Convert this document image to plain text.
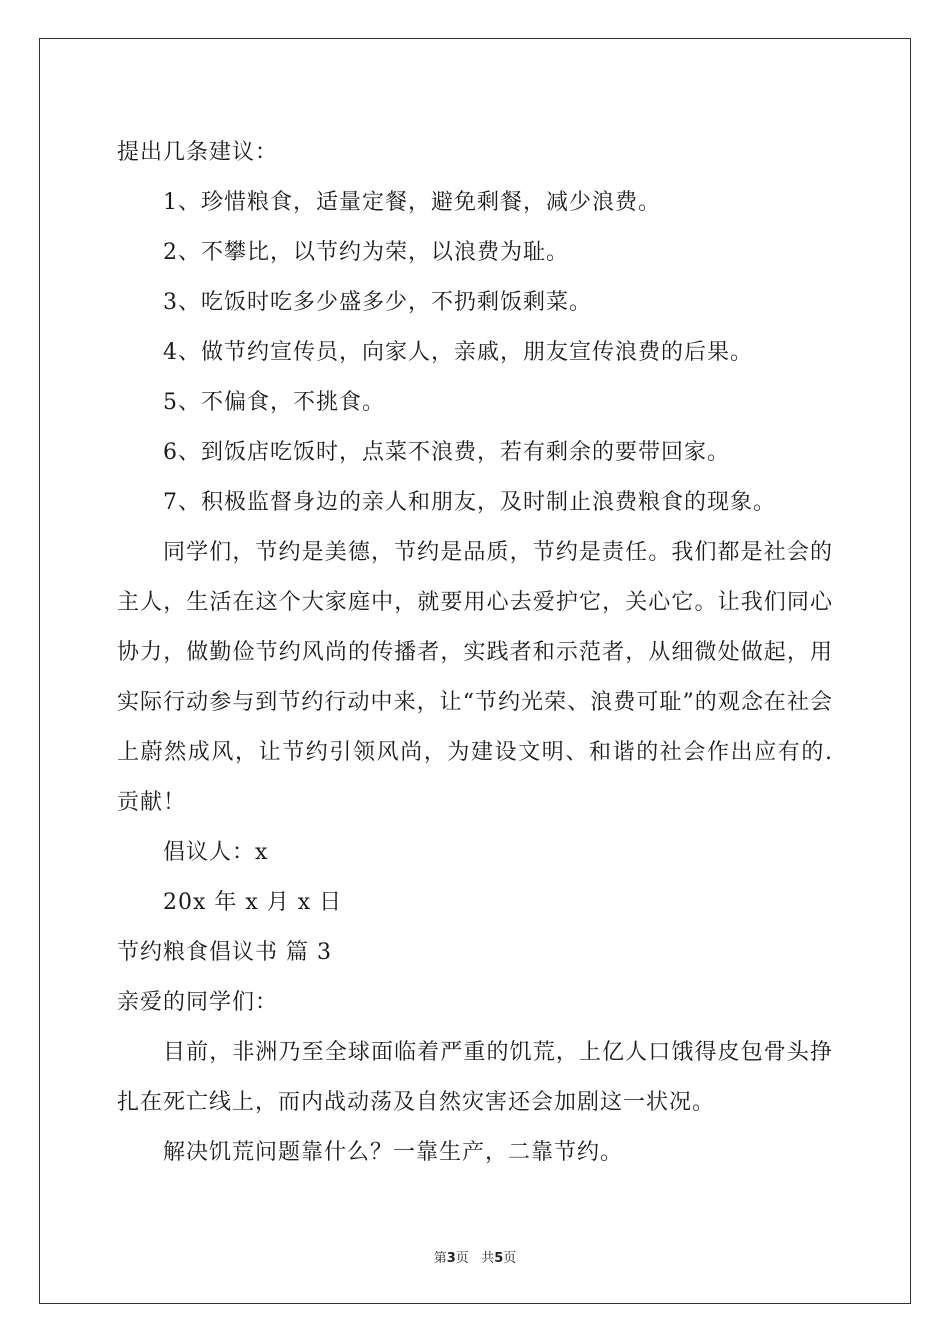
提出几条建议：
1、珍惜粮食，适量定餐，避免剩餐，减少浪费。
2、不攀比，以节约为荣，以浪费为耻。
3、吃饭时吃多少盛多少，不扔剩饭剩菜。
4、做节约宣传员，向家人，亲戚，朋友宣传浪费的后果。
5、不偏食，不挑食。
6、到饭店吃饭时，点菜不浪费，若有剩余的要带回家。
7、积极监督身边的亲人和朋友，及时制止浪费粮食的现象。
同学们，节约是美德，节约是品质，节约是责任。我们都是社会的主人，生活在这个大家庭中，就要用心去爱护它，关心它。让我们同心协力，做勤俭节约风尚的传播者，实践者和示范者，从细微处做起，用实际行动参与到节约行动中来，让“节约光荣、浪费可耻”的观念在社会上蔚然成风，让节约引领风尚，为建设文明、和谐的社会作出应有的.贡献！
倡议人：x
20x 年 x 月 x 日
节约粮食倡议书 篇 3
亲爱的同学们：
目前，非洲乃至全球面临着严重的饥荒，上亿人口饿得皮包骨头挣扎在死亡线上，而内战动荡及自然灾害还会加剧这一状况。
解决饥荒问题靠什么？一靠生产，二靠节约。
第3页 共5页
